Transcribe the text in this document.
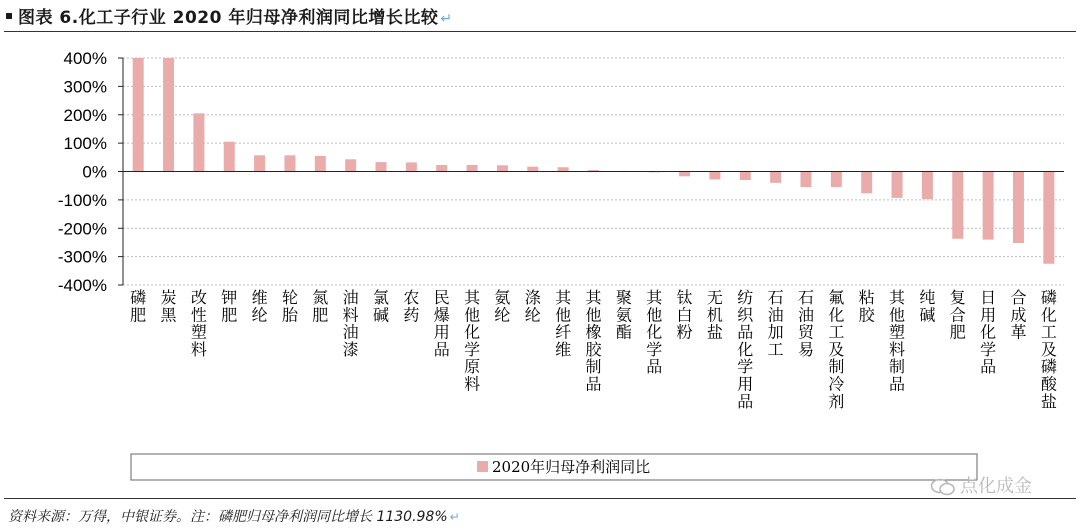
图表 6.化工子行业 2020 年归母净利润同比增长比较 ↵
-400%
-300%
-200%
-100%
0%
100%
200%
300%
400%
磷肥
炭黑
改性塑料
钾肥
维纶
轮胎
氮肥
油料油漆
氯碱
农药
民爆用品
其他化学原料
氨纶
涤纶
其他纤维
其他橡胶制品
聚氨酯
其他化学品
钛白粉
无机盐
纺织品化学用品
石油加工
石油贸易
氟化工及制冷剂
粘胶
其他塑料制品
纯碱
复合肥
日用化学品
合成革
磷化工及磷酸盐
2020年归母净利润同比
资料来源：万得，中银证券。注：磷肥归母净利润同比增长 1130.98% ↵
点化成金
